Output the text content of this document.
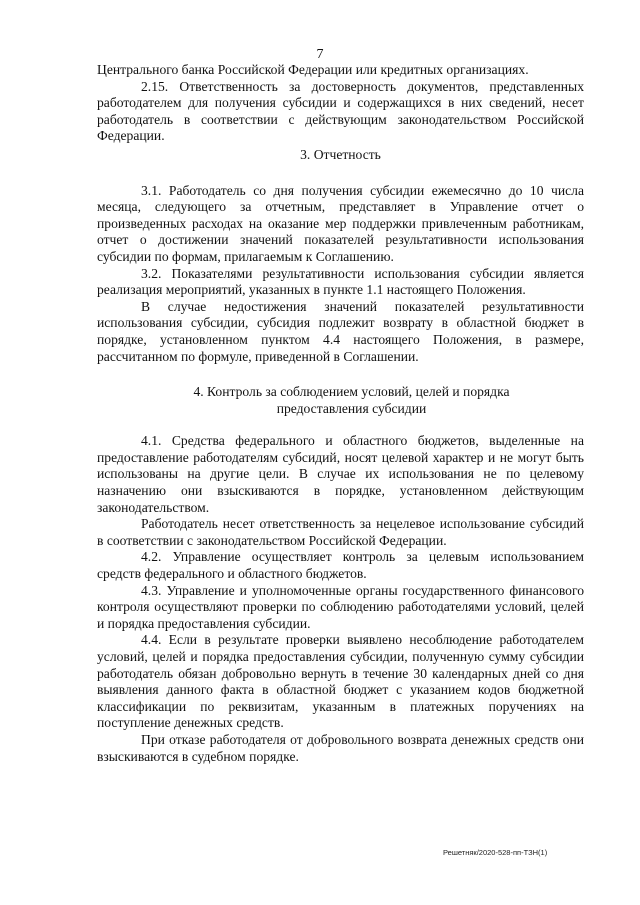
7

Центрального банка Российской Федерации или кредитных организациях.

2.15. Ответственность за достоверность документов, представленных работодателем для получения субсидии и содержащихся в них сведений, несет работодатель в соответствии с действующим законодательством Российской Федерации.

3. Отчетность

3.1. Работодатель со дня получения субсидии ежемесячно до 10 числа месяца, следующего за отчетным, представляет в Управление отчет о произведенных расходах на оказание мер поддержки привлеченным работникам, отчет о достижении значений показателей результативности использования субсидии по формам, прилагаемым к Соглашению.

3.2. Показателями результативности использования субсидии является реализация мероприятий, указанных в пункте 1.1 настоящего Положения.

В случае недостижения значений показателей результативности использования субсидии, субсидия подлежит возврату в областной бюджет в порядке, установленном пунктом 4.4 настоящего Положения, в размере, рассчитанном по формуле, приведенной в Соглашении.

4. Контроль за соблюдением условий, целей и порядка

предоставления субсидии

4.1. Средства федерального и областного бюджетов, выделенные на предоставление работодателям субсидий, носят целевой характер и не могут быть использованы на другие цели. В случае их использования не по целевому назначению они взыскиваются в порядке, установленном действующим законодательством.

Работодатель несет ответственность за нецелевое использование субсидий в соответствии с законодательством Российской Федерации.

4.2. Управление осуществляет контроль за целевым использованием средств федерального и областного бюджетов.

4.3. Управление и уполномоченные органы государственного финансового контроля осуществляют проверки по соблюдению работодателями условий, целей и порядка предоставления субсидии.

4.4. Если в результате проверки выявлено несоблюдение работодателем условий, целей и порядка предоставления субсидии, полученную сумму субсидии работодатель обязан добровольно вернуть в течение 30 календарных дней со дня выявления данного факта в областной бюджет с указанием кодов бюджетной классификации по реквизитам, указанным в платежных поручениях на поступление денежных средств.

При отказе работодателя от добровольного возврата денежных средств они взыскиваются в судебном порядке.

Решетняк/2020-528-пп-ТЗН(1)
